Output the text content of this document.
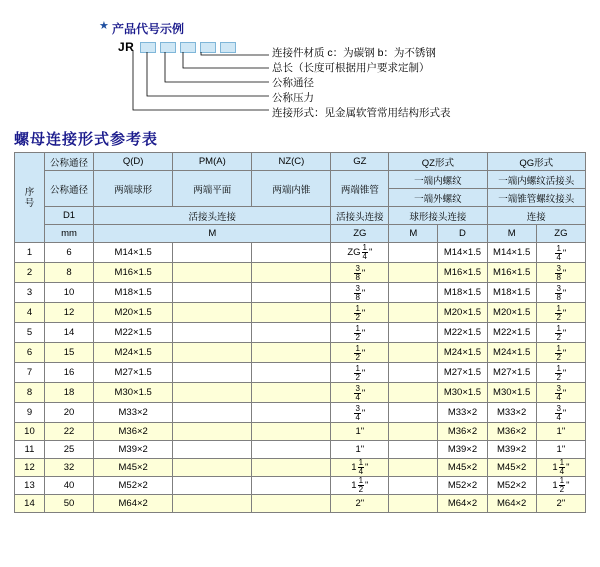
★ 产品代号示例
JR	连接件材质 c：为碳钢 b：为不锈钢
总长（长度可根据用户要求定制）
公称通径
公称压力
连接形式：见金属软管常用结构形式表
螺母连接形式参考表
序
号	公称通径	Q(D)	PM(A)	NZ(C)	GZ	QZ形式		QG形式	
	公称通径	两端球形	两端平面	两端内锥	两端锥管	一端内螺纹		一端内螺纹活接头	
						一端外螺纹		一端锥管螺纹接头	
	D1	活接头连接			活接头连接	球形接头连接		连接	
	mm	M			ZG	M	D	M	ZG
1	6	M14×1.5			ZG $\frac{1}{4}$ "		M14×1.5	M14×1.5	$\frac{1}{4}$ "

2	8	M16×1.5			$\frac{3}{8}$ "		M16×1.5	M16×1.5	$\frac{3}{8}$ "

3	10	M18×1.5			$\frac{3}{8}$ "		M18×1.5	M18×1.5	$\frac{3}{8}$ "

4	12	M20×1.5			$\frac{1}{2}$ "		M20×1.5	M20×1.5	$\frac{1}{2}$ "

5	14	M22×1.5			$\frac{1}{2}$ "		M22×1.5	M22×1.5	$\frac{1}{2}$ "

6	15	M24×1.5			$\frac{1}{2}$ "		M24×1.5	M24×1.5	$\frac{1}{2}$ "

7	16	M27×1.5			$\frac{1}{2}$ "		M27×1.5	M27×1.5	$\frac{1}{2}$ "

8	18	M30×1.5			$\frac{3}{4}$ "		M30×1.5	M30×1.5	$\frac{3}{4}$ "

9	20	M33×2			$\frac{3}{4}$ "		M33×2	M33×2	$\frac{3}{4}$ "

10	22	M36×2			1"		M36×2	M36×2	1"
11	25	M39×2			1"		M39×2	M39×2	1"
12	32	M45×2			$1 \frac{1}{4}$ "		M45×2	M45×2	$1 \frac{1}{4}$ "

13	40	M52×2			$1 \frac{1}{2}$ "		M52×2	M52×2	$1 \frac{1}{2}$ "

14	50	M64×2			2"		M64×2	M64×2	2"
